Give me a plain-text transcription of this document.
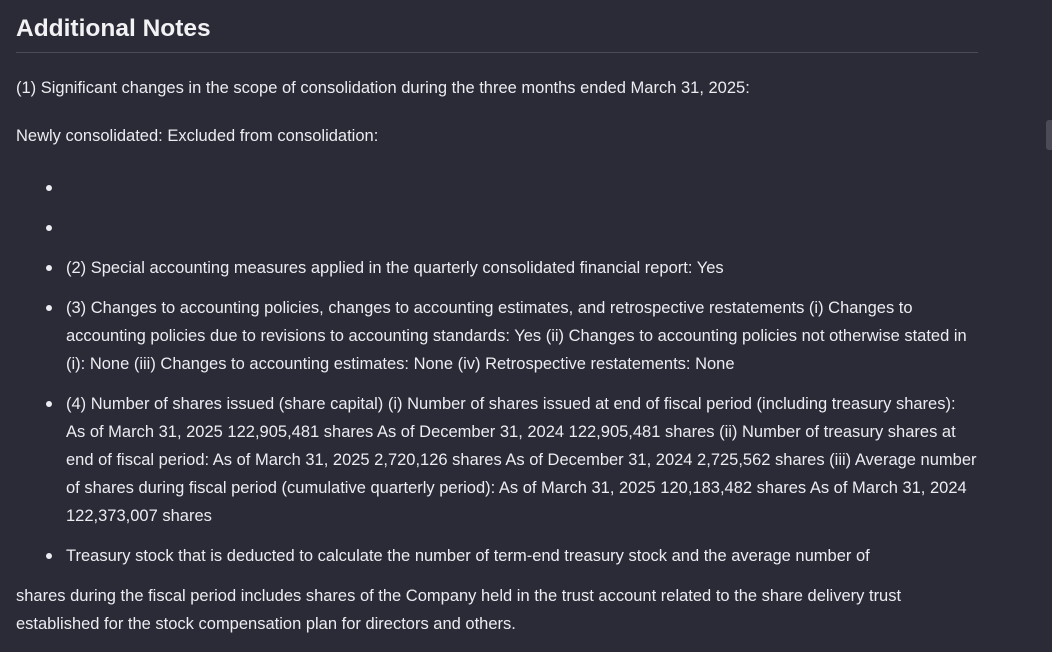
Additional Notes

(1) Significant changes in the scope of consolidation during the three months ended March 31, 2025:

Newly consolidated: Excluded from consolidation:

(2) Special accounting measures applied in the quarterly consolidated financial report: Yes
(3) Changes to accounting policies, changes to accounting estimates, and retrospective restatements (i) Changes to accounting policies due to revisions to accounting standards: Yes (ii) Changes to accounting policies not otherwise stated in (i): None (iii) Changes to accounting estimates: None (iv) Retrospective restatements: None
(4) Number of shares issued (share capital) (i) Number of shares issued at end of fiscal period (including treasury shares): As of March 31, 2025 122,905,481 shares As of December 31, 2024 122,905,481 shares (ii) Number of treasury shares at end of fiscal period: As of March 31, 2025 2,720,126 shares As of December 31, 2024 2,725,562 shares (iii) Average number of shares during fiscal period (cumulative quarterly period): As of March 31, 2025 120,183,482 shares As of March 31, 2024 122,373,007 shares
Treasury stock that is deducted to calculate the number of term-end treasury stock and the average number of

shares during the fiscal period includes shares of the Company held in the trust account related to the share delivery trust established for the stock compensation plan for directors and others.
